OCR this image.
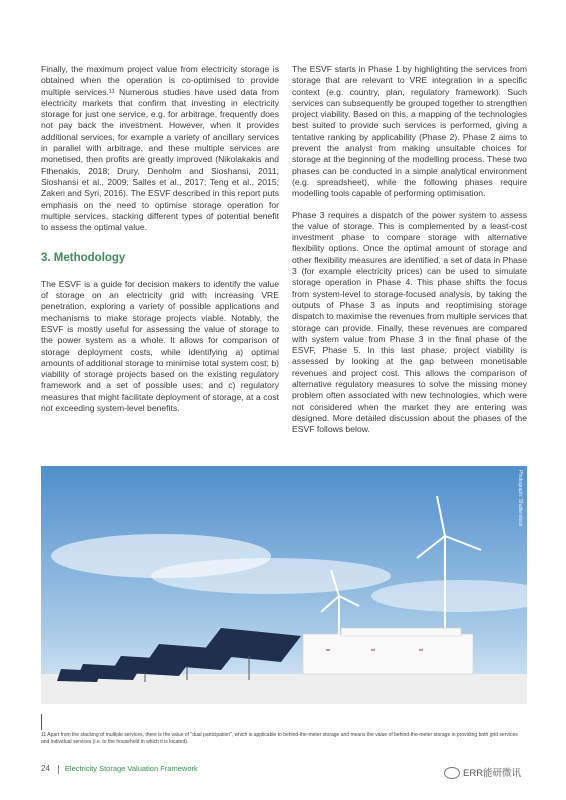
Finally, the maximum project value from electricity storage is obtained when the operation is co-optimised to provide multiple services.¹¹ Numerous studies have used data from electricity markets that confirm that investing in electricity storage for just one service, e.g. for arbitrage, frequently does not pay back the investment. However, when it provides additional services, for example a variety of ancillary services in parallel with arbitrage, and these multiple services are monetised, then profits are greatly improved (Nikolakakis and Fthenakis, 2018; Drury, Denholm and Sioshansi, 2011; Sioshansi et al., 2009; Salles et al., 2017; Teng et al., 2015; Zakeri and Syri, 2016). The ESVF described in this report puts emphasis on the need to optimise storage operation for multiple services, stacking different types of potential benefit to assess the optimal value.

3. Methodology

The ESVF is a guide for decision makers to identify the value of storage on an electricity grid with increasing VRE penetration, exploring a variety of possible applications and mechanisms to make storage projects viable. Notably, the ESVF is mostly useful for assessing the value of storage to the power system as a whole. It allows for comparison of storage deployment costs, while identifying a) optimal amounts of additional storage to minimise total system cost; b) viability of storage projects based on the existing regulatory framework and a set of possible uses; and c) regulatory measures that might facilitate deployment of storage, at a cost not exceeding system-level benefits.

The ESVF starts in Phase 1 by highlighting the services from storage that are relevant to VRE integration in a specific context (e.g. country, plan, regulatory framework). Such services can subsequently be grouped together to strengthen project viability. Based on this, a mapping of the technologies best suited to provide such services is performed, giving a tentative ranking by applicability (Phase 2). Phase 2 aims to prevent the analyst from making unsuitable choices for storage at the beginning of the modelling process. These two phases can be conducted in a simple analytical environment (e.g. spreadsheet), while the following phases require modelling tools capable of performing optimisation.

Phase 3 requires a dispatch of the power system to assess the value of storage. This is complemented by a least-cost investment phase to compare storage with alternative flexibility options. Once the optimal amount of storage and other flexibility measures are identified, a set of data in Phase 3 (for example electricity prices) can be used to simulate storage operation in Phase 4. This phase shifts the focus from system-level to storage-focused analysis, by taking the outputs of Phase 3 as inputs and reoptimising storage dispatch to maximise the revenues from multiple services that storage can provide. Finally, these revenues are compared with system value from Phase 3 in the final phase of the ESVF, Phase 5. In this last phase, project viability is assessed by looking at the gap between monetisable revenues and project cost. This allows the comparison of alternative regulatory measures to solve the missing money problem often associated with new technologies, which were not considered when the market they are entering was designed. More detailed discussion about the phases of the ESVF follows below.

Photograph: Shutterstock
11 Apart from the stacking of multiple services, there is the value of "dual participation", which is applicable to behind-the-meter storage and means the value of behind-the-meter storage in providing both grid services and individual services (i.e. to the household in which it is located).
24 Electricity Storage Valuation Framework	ERR能研微讯
